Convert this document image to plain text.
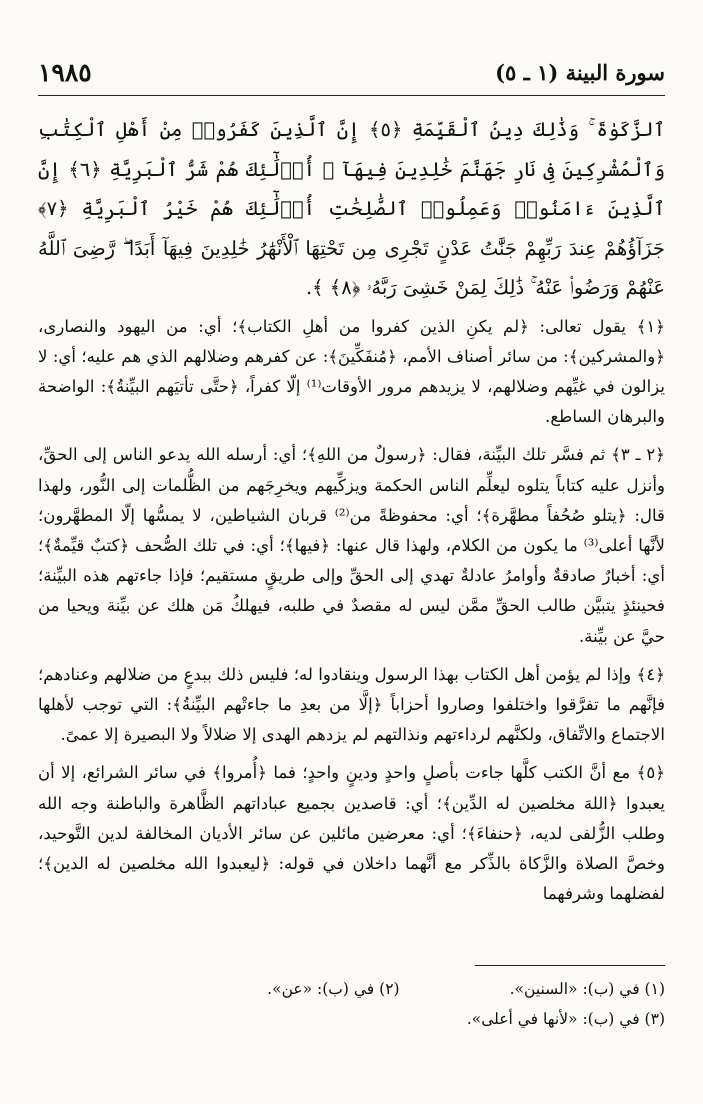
سورة البينة (١ ـ ٥)
١٩٨٥

ٱلزَّكَوٰةَ ۚ وَذَٰلِكَ دِينُ ٱلْقَيِّمَةِ ﴿٥﴾ إِنَّ ٱلَّذِينَ كَفَرُوا۟ مِنْ أَهْلِ ٱلْكِتَٰبِ وَٱلْمُشْرِكِينَ فِى نَارِ جَهَنَّمَ خَٰلِدِينَ فِيهَآ ۚ أُو۟لَٰٓئِكَ هُمْ شَرُّ ٱلْبَرِيَّةِ ﴿٦﴾ إِنَّ ٱلَّذِينَ ءَامَنُوا۟ وَعَمِلُوا۟ ٱلصَّٰلِحَٰتِ أُو۟لَٰٓئِكَ هُمْ خَيْرُ ٱلْبَرِيَّةِ ﴿٧﴾ جَزَآؤُهُمْ عِندَ رَبِّهِمْ جَنَّٰتُ عَدْنٍ تَجْرِى مِن تَحْتِهَا ٱلْأَنْهَٰرُ خَٰلِدِينَ فِيهَآ أَبَدًا ۖ رَّضِىَ ٱللَّهُ عَنْهُمْ وَرَضُوا۟ عَنْهُ ۚ ذَٰلِكَ لِمَنْ خَشِىَ رَبَّهُۥ ﴿٨﴾ ﴾.

﴿١﴾ يقول تعالى: ﴿لم يكنِ الذين كفروا من أهلِ الكتاب﴾؛ أي: من اليهود والنصارى، ﴿والمشركين﴾: من سائر أصناف الأمم، ﴿مُنفَكِّينَ﴾: عن كفرهم وضلالهم الذي هم عليه؛ أي: لا يزالون في غيِّهم وضلالهم، لا يزيدهم مرور الأوقات⁽¹⁾ إلّا كفراً، ﴿حتَّى تأتيَهم البيِّنةُ﴾: الواضحة والبرهان الساطع.

﴿٢ ـ ٣﴾ ثم فسَّر تلك البيِّنة، فقال: ﴿رسولٌ من اللهِ﴾؛ أي: أرسله الله يدعو الناس إلى الحقِّ، وأنزل عليه كتاباً يتلوه ليعلِّم الناس الحكمة ويزكِّيهم ويخرِجَهم من الظُّلمات إلى النُّور، ولهذا قال: ﴿يتلو صُحُفاً مطهَّرة﴾؛ أي: محفوظةً من⁽²⁾ قربان الشياطين، لا يمسُّها إلّا المطهَّرون؛ لأنَّها أعلى⁽³⁾ ما يكون من الكلام، ولهذا قال عنها: ﴿فيها﴾؛ أي: في تلك الصُّحف ﴿كتبٌ قيِّمةٌ﴾؛ أي: أخبارٌ صادقةٌ وأوامرُ عادلةٌ تهدي إلى الحقِّ وإلى طريقٍ مستقيم؛ فإذا جاءتهم هذه البيِّنة؛ فحينئذٍ يتبيَّن طالب الحقِّ ممَّن ليس له مقصدٌ في طلبه، فيهلكُ مَن هلك عن بيِّنة ويحيا من حيَّ عن بيِّنة.

﴿٤﴾ وإذا لم يؤمن أهل الكتاب بهذا الرسول وينقادوا له؛ فليس ذلك ببدعٍ من ضلالهم وعنادهم؛ فإنَّهم ما تفرَّقوا واختلفوا وصاروا أحزاباً ﴿إلَّا من بعدِ ما جاءتْهم البيِّنةُ﴾: التي توجب لأهلها الاجتماع والاتِّفاق، ولكنَّهم لرداءتهم ونذالتهم لم يزدهم الهدى إلا ضلالاً ولا البصيرة إلا عمىً.

﴿٥﴾ مع أنَّ الكتب كلَّها جاءت بأصلٍ واحدٍ ودينٍ واحدٍ؛ فما ﴿أُمروا﴾ في سائر الشرائع، إلا أن يعبدوا ﴿اللهَ مخلصين له الدِّين﴾؛ أي: قاصدين بجميع عباداتهم الظَّاهرة والباطنة وجه الله وطلب الزُّلفى لديه، ﴿حنفاءَ﴾؛ أي: معرضين مائلين عن سائر الأديان المخالفة لدين التَّوحيد، وخصَّ الصلاة والزَّكاة بالذِّكر مع أنَّهما داخلان في قوله: ﴿ليعبدوا الله مخلصين له الدين﴾؛ لفضلهما وشرفهما

(١) في (ب): «السنين».
(٢) في (ب): «عن».
(٣) في (ب): «لأنها في أعلى».
